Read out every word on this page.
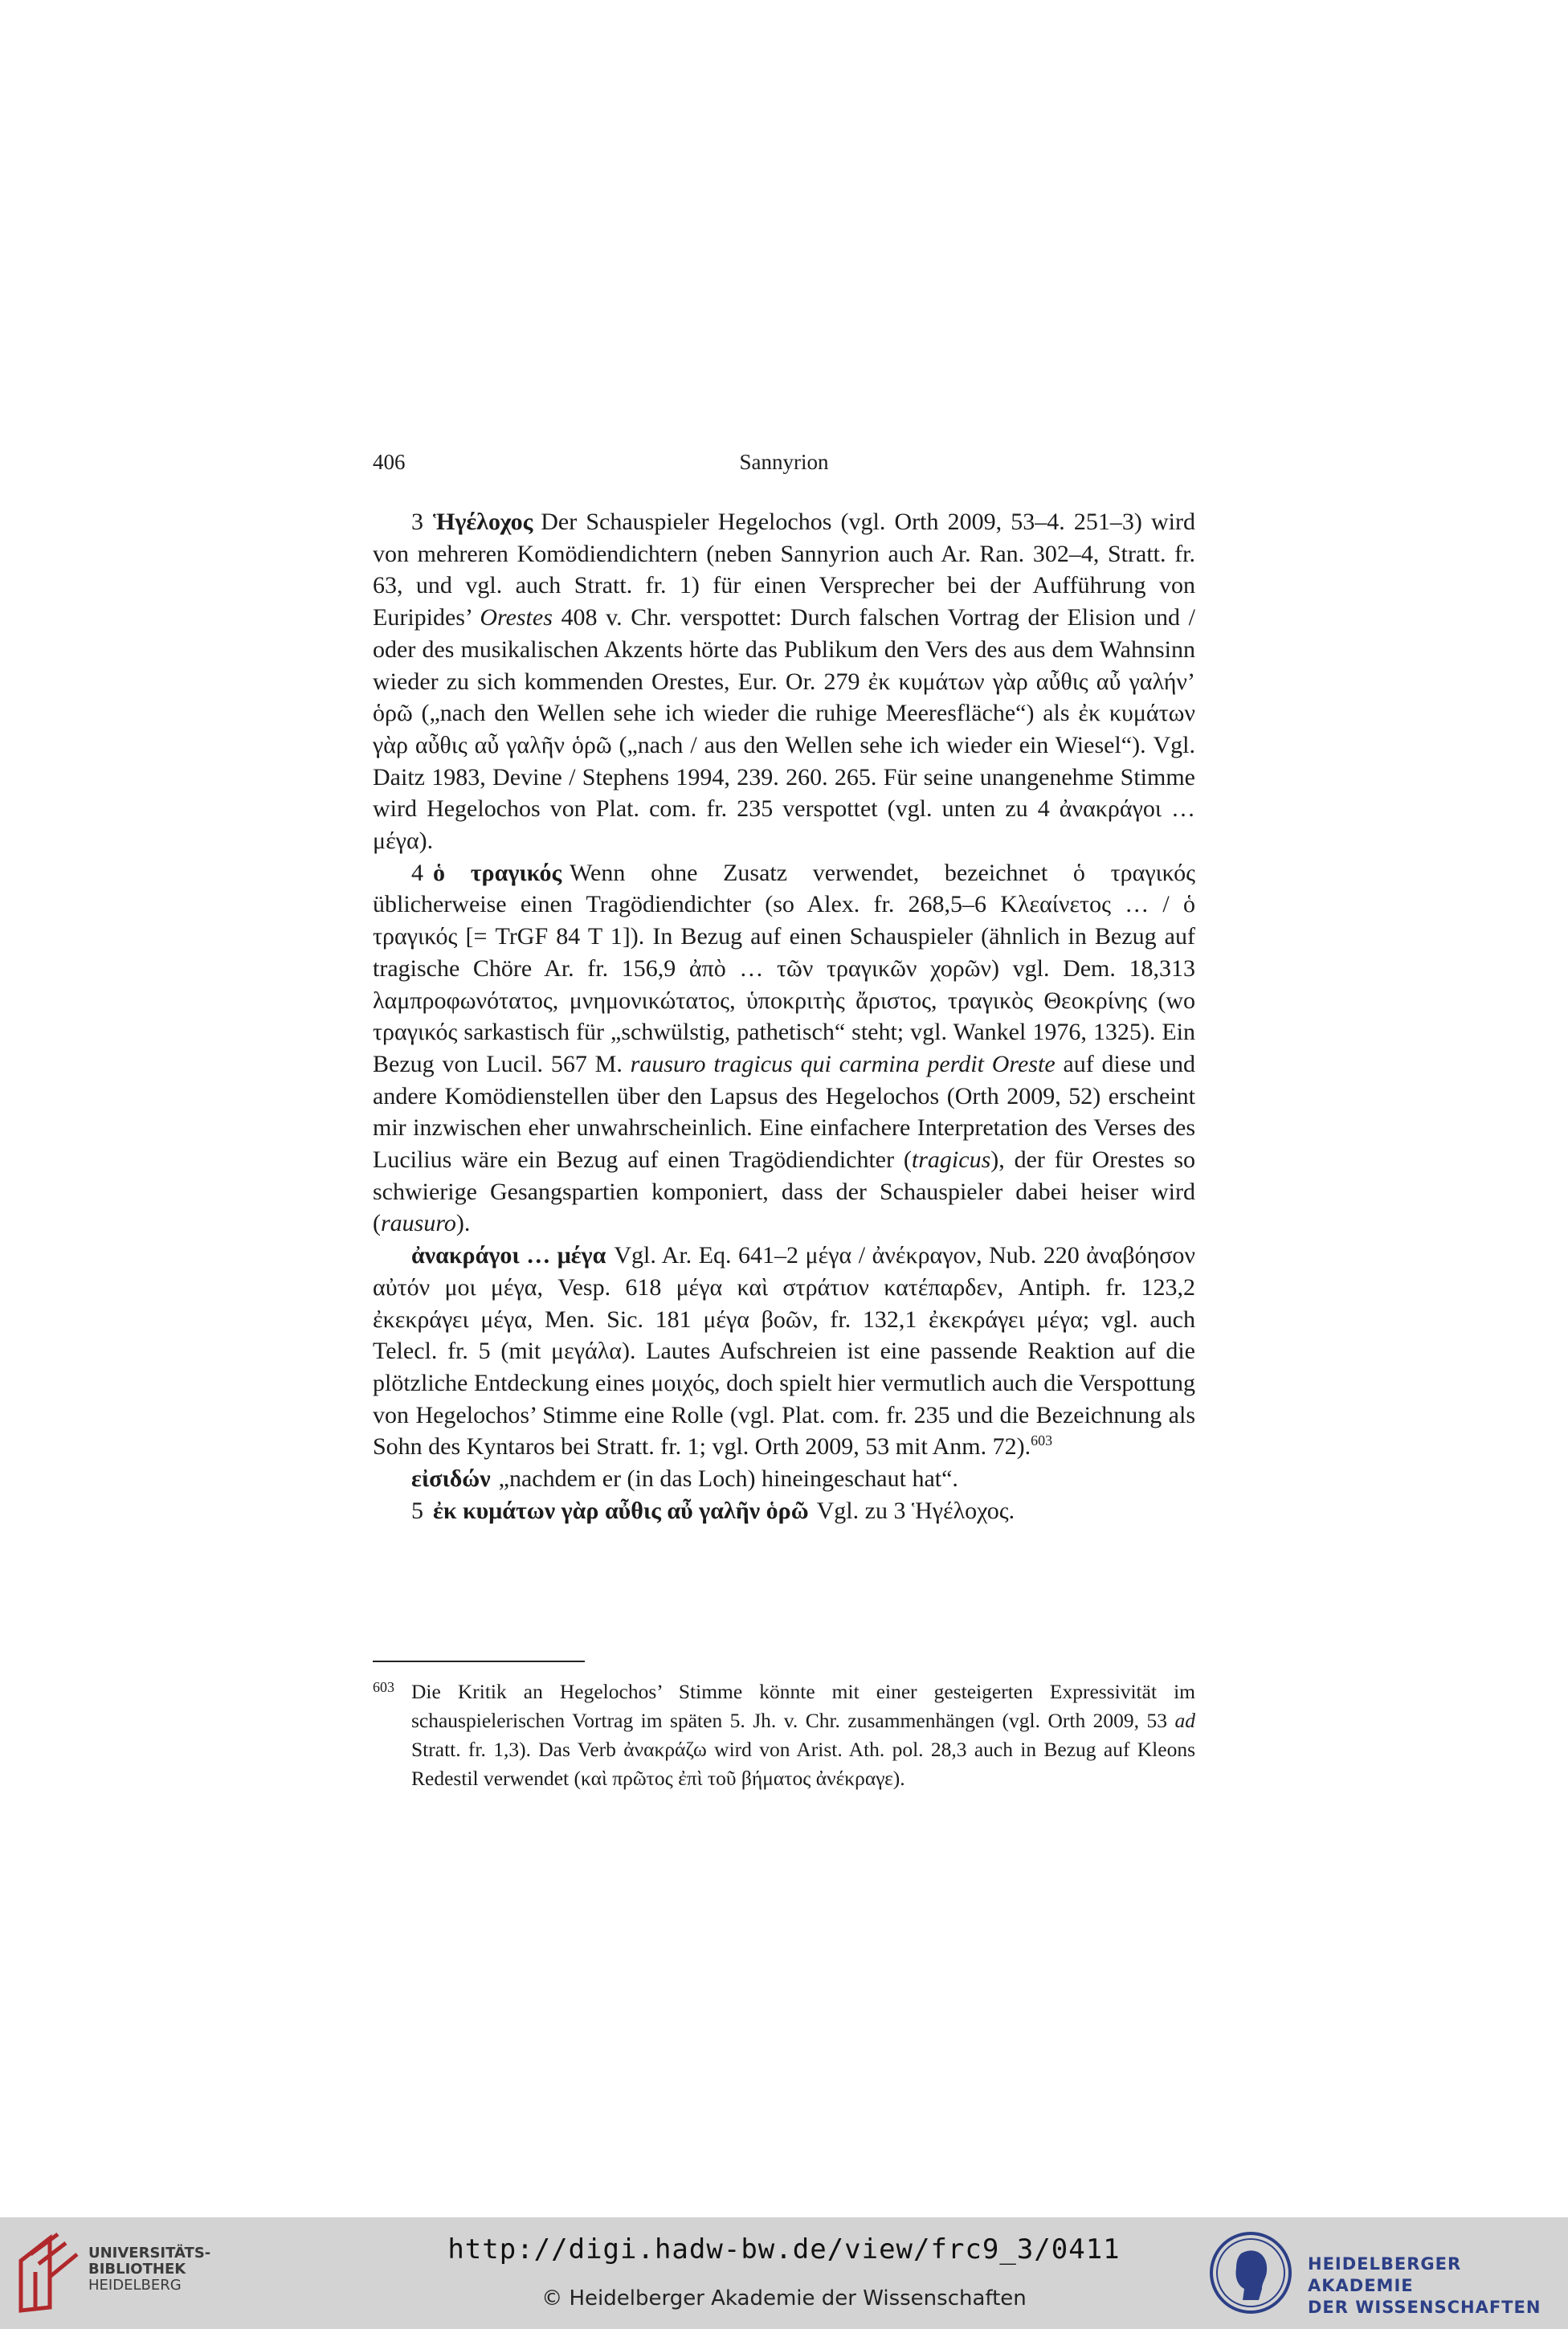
406	Sannyrion

3 Ἡγέλοχος Der Schauspieler Hegelochos (vgl. Orth 2009, 53–4. 251–3) wird von mehreren Komödiendichtern (neben Sannyrion auch Ar. Ran. 302–4, Stratt. fr. 63, und vgl. auch Stratt. fr. 1) für einen Versprecher bei der Aufführung von Euripides’ Orestes 408 v. Chr. verspottet: Durch falschen Vortrag der Elision und / oder des musikalischen Akzents hörte das Publikum den Vers des aus dem Wahnsinn wieder zu sich kommenden Orestes, Eur. Or. 279 ἐκ κυμάτων γὰρ αὖθις αὖ γαλήν’ ὁρῶ („nach den Wellen sehe ich wieder die ruhige Meeresfläche“) als ἐκ κυμάτων γὰρ αὖθις αὖ γαλῆν ὁρῶ („nach / aus den Wellen sehe ich wieder ein Wiesel“). Vgl. Daitz 1983, Devine / Stephens 1994, 239. 260. 265. Für seine unangenehme Stimme wird Hegelochos von Plat. com. fr. 235 verspottet (vgl. unten zu 4 ἀνακράγοι … μέγα).

4 ὁ τραγικός Wenn ohne Zusatz verwendet, bezeichnet ὁ τραγικός üblicherweise einen Tragödiendichter (so Alex. fr. 268,5–6 Κλεαίνετος … / ὁ τραγικός [= TrGF 84 T 1]). In Bezug auf einen Schauspieler (ähnlich in Bezug auf tragische Chöre Ar. fr. 156,9 ἀπὸ … τῶν τραγικῶν χορῶν) vgl. Dem. 18,313 λαμπροφωνότατος, μνημονικώτατος, ὑποκριτὴς ἄριστος, τραγικὸς Θεοκρίνης (wo τραγικός sarkastisch für „schwülstig, pathetisch“ steht; vgl. Wankel 1976, 1325). Ein Bezug von Lucil. 567 M. rausuro tragicus qui carmina perdit Oreste auf diese und andere Komödienstellen über den Lapsus des Hegelochos (Orth 2009, 52) erscheint mir inzwischen eher unwahrscheinlich. Eine einfachere Interpretation des Verses des Lucilius wäre ein Bezug auf einen Tragödiendichter (tragicus), der für Orestes so schwierige Gesangspartien komponiert, dass der Schauspieler dabei heiser wird (rausuro).

ἀνακράγοι … μέγα Vgl. Ar. Eq. 641–2 μέγα / ἀνέκραγον, Nub. 220 ἀναβόησον αὐτόν μοι μέγα, Vesp. 618 μέγα καὶ στράτιον κατέπαρδεν, Antiph. fr. 123,2 ἐκεκράγει μέγα, Men. Sic. 181 μέγα βοῶν, fr. 132,1 ἐκεκράγει μέγα; vgl. auch Telecl. fr. 5 (mit μεγάλα). Lautes Aufschreien ist eine passende Reaktion auf die plötzliche Entdeckung eines μοιχός, doch spielt hier vermutlich auch die Verspottung von Hegelochos’ Stimme eine Rolle (vgl. Plat. com. fr. 235 und die Bezeichnung als Sohn des Kyntaros bei Stratt. fr. 1; vgl. Orth 2009, 53 mit Anm. 72).$^{603}$

εἰσιδών „nachdem er (in das Loch) hineingeschaut hat“.

5 ἐκ κυμάτων γὰρ αὖθις αὖ γαλῆν ὁρῶ Vgl. zu 3 Ἡγέλοχος.

603 Die Kritik an Hegelochos’ Stimme könnte mit einer gesteigerten Expressivität im schauspielerischen Vortrag im späten 5. Jh. v. Chr. zusammenhängen (vgl. Orth 2009, 53 ad Stratt. fr. 1,3). Das Verb ἀνακράζω wird von Arist. Ath. pol. 28,3 auch in Bezug auf Kleons Redestil verwendet (καὶ πρῶτος ἐπὶ τοῦ βήματος ἀνέκραγε).
UNIVERSITÄTS-
BIBLIOTHEK
HEIDELBERG
http://digi.hadw-bw.de/view/frc9_3/0411
© Heidelberger Akademie der Wissenschaften
HEIDELBERGER AKADEMIE
DER WISSENSCHAFTEN
